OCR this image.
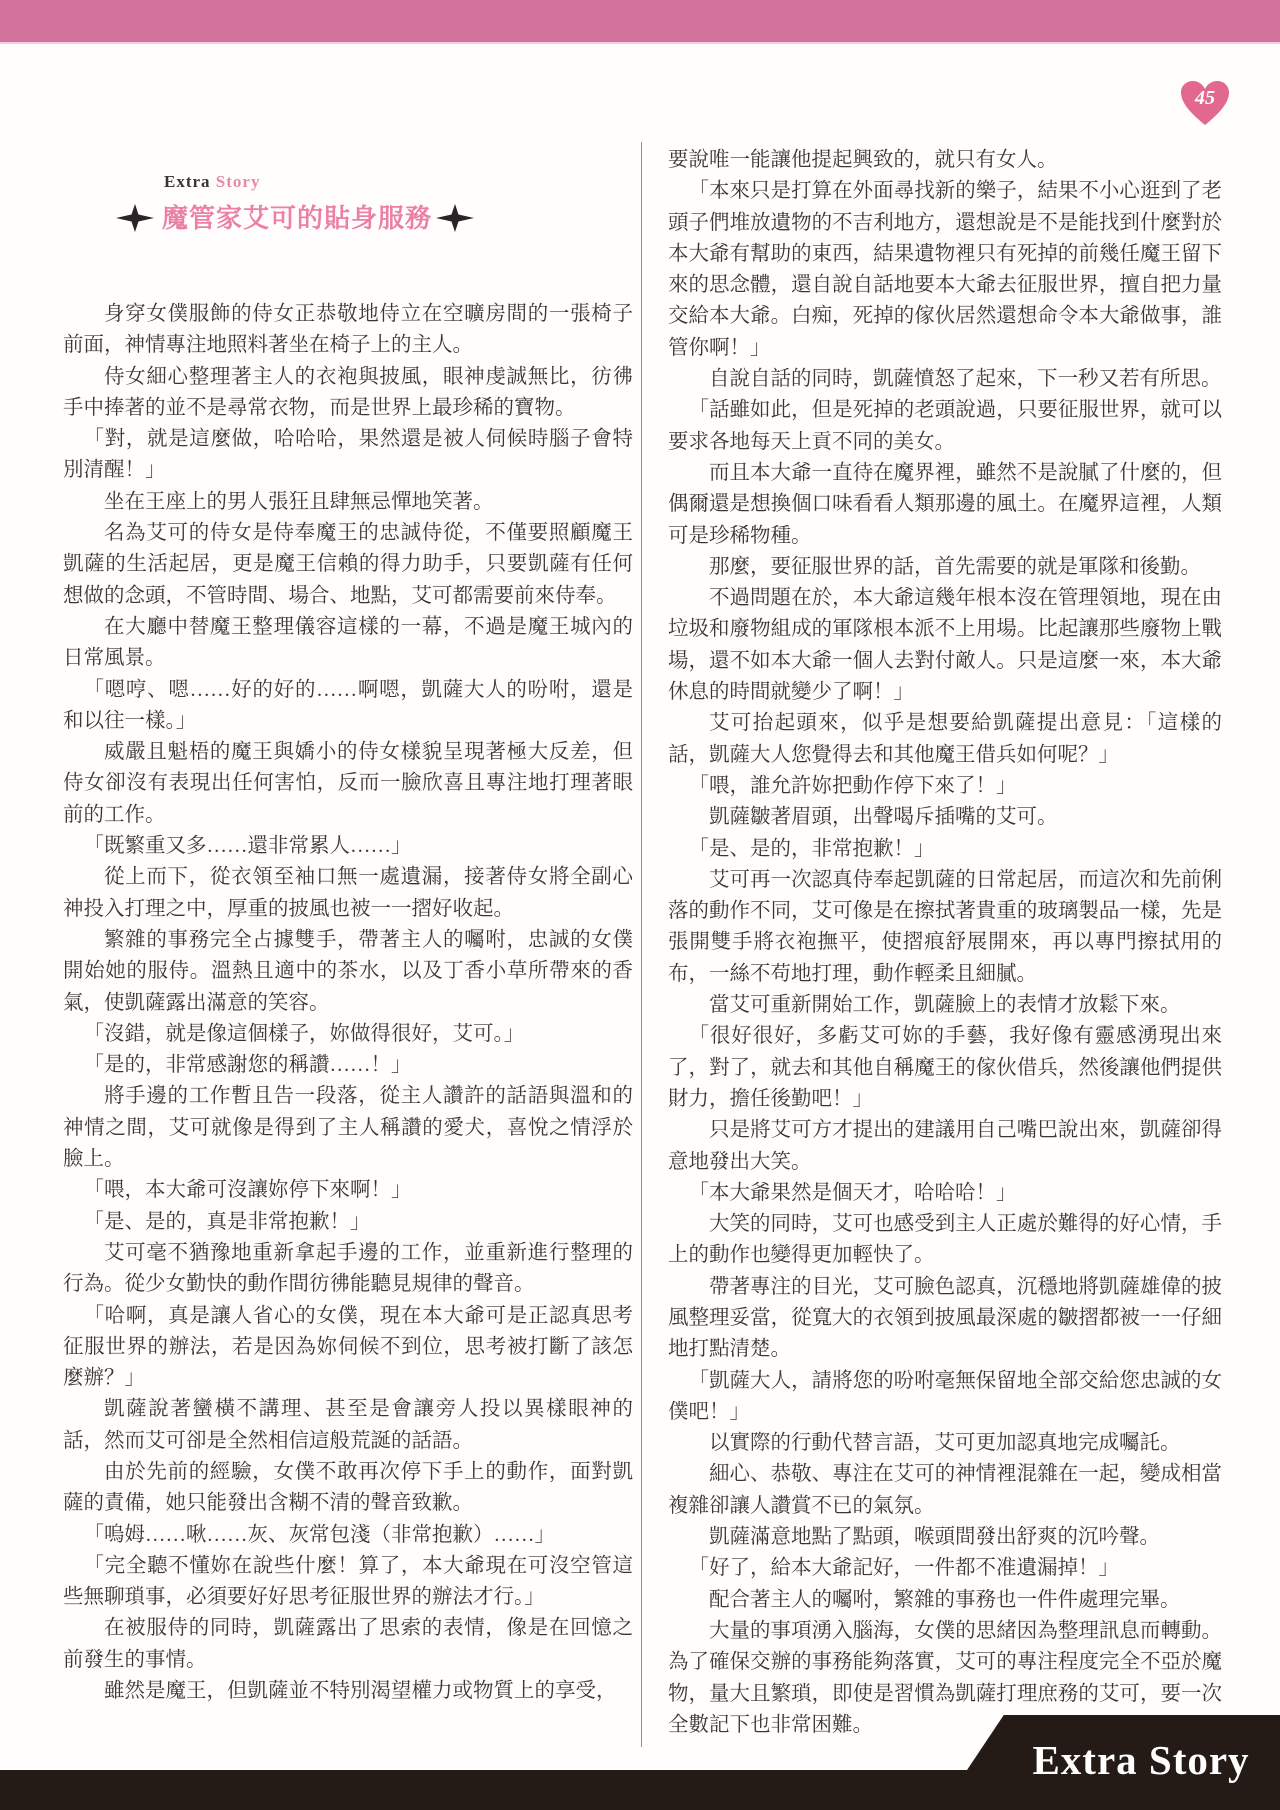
45
Extra Story
魔管家艾可的貼身服務

身穿女僕服飾的侍女正恭敬地侍立在空曠房間的一張椅子前面，神情專注地照料著坐在椅子上的主人。

侍女細心整理著主人的衣袍與披風，眼神虔誠無比，彷彿手中捧著的並不是尋常衣物，而是世界上最珍稀的寶物。

「對，就是這麼做，哈哈哈，果然還是被人伺候時腦子會特別清醒！」

坐在王座上的男人張狂且肆無忌憚地笑著。

名為艾可的侍女是侍奉魔王的忠誠侍從，不僅要照顧魔王凱薩的生活起居，更是魔王信賴的得力助手，只要凱薩有任何想做的念頭，不管時間、場合、地點，艾可都需要前來侍奉。

在大廳中替魔王整理儀容這樣的一幕，不過是魔王城內的日常風景。

「嗯哼、嗯……好的好的……啊嗯，凱薩大人的吩咐，還是和以往一樣。」

威嚴且魁梧的魔王與嬌小的侍女樣貌呈現著極大反差，但侍女卻沒有表現出任何害怕，反而一臉欣喜且專注地打理著眼前的工作。

「既繁重又多……還非常累人……」

從上而下，從衣領至袖口無一處遺漏，接著侍女將全副心神投入打理之中，厚重的披風也被一一摺好收起。

繁雜的事務完全占據雙手，帶著主人的囑咐，忠誠的女僕開始她的服侍。溫熱且適中的茶水，以及丁香小草所帶來的香氣，使凱薩露出滿意的笑容。

「沒錯，就是像這個樣子，妳做得很好，艾可。」

「是的，非常感謝您的稱讚……！」

將手邊的工作暫且告一段落，從主人讚許的話語與溫和的神情之間，艾可就像是得到了主人稱讚的愛犬，喜悅之情浮於臉上。

「喂，本大爺可沒讓妳停下來啊！」

「是、是的，真是非常抱歉！」

艾可毫不猶豫地重新拿起手邊的工作，並重新進行整理的行為。從少女勤快的動作間彷彿能聽見規律的聲音。

「哈啊，真是讓人省心的女僕，現在本大爺可是正認真思考征服世界的辦法，若是因為妳伺候不到位，思考被打斷了該怎麼辦？」

凱薩說著蠻橫不講理、甚至是會讓旁人投以異樣眼神的話，然而艾可卻是全然相信這般荒誕的話語。

由於先前的經驗，女僕不敢再次停下手上的動作，面對凱薩的責備，她只能發出含糊不清的聲音致歉。

「嗚姆……啾……灰、灰常包淺（非常抱歉）……」

「完全聽不懂妳在說些什麼！算了，本大爺現在可沒空管這些無聊瑣事，必須要好好思考征服世界的辦法才行。」

在被服侍的同時，凱薩露出了思索的表情，像是在回憶之前發生的事情。

雖然是魔王，但凱薩並不特別渴望權力或物質上的享受，

要說唯一能讓他提起興致的，就只有女人。

「本來只是打算在外面尋找新的樂子，結果不小心逛到了老頭子們堆放遺物的不吉利地方，還想說是不是能找到什麼對於本大爺有幫助的東西，結果遺物裡只有死掉的前幾任魔王留下來的思念體，還自說自話地要本大爺去征服世界，擅自把力量交給本大爺。白痴，死掉的傢伙居然還想命令本大爺做事，誰管你啊！」

自說自話的同時，凱薩憤怒了起來，下一秒又若有所思。

「話雖如此，但是死掉的老頭說過，只要征服世界，就可以要求各地每天上貢不同的美女。

而且本大爺一直待在魔界裡，雖然不是說膩了什麼的，但偶爾還是想換個口味看看人類那邊的風土。在魔界這裡，人類可是珍稀物種。

那麼，要征服世界的話，首先需要的就是軍隊和後勤。

不過問題在於，本大爺這幾年根本沒在管理領地，現在由垃圾和廢物組成的軍隊根本派不上用場。比起讓那些廢物上戰場，還不如本大爺一個人去對付敵人。只是這麼一來，本大爺休息的時間就變少了啊！」

艾可抬起頭來，似乎是想要給凱薩提出意見：「這樣的話，凱薩大人您覺得去和其他魔王借兵如何呢？」

「喂，誰允許妳把動作停下來了！」

凱薩皺著眉頭，出聲喝斥插嘴的艾可。

「是、是的，非常抱歉！」

艾可再一次認真侍奉起凱薩的日常起居，而這次和先前俐落的動作不同，艾可像是在擦拭著貴重的玻璃製品一樣，先是張開雙手將衣袍撫平，使摺痕舒展開來，再以專門擦拭用的布，一絲不苟地打理，動作輕柔且細膩。

當艾可重新開始工作，凱薩臉上的表情才放鬆下來。

「很好很好，多虧艾可妳的手藝，我好像有靈感湧現出來了，對了，就去和其他自稱魔王的傢伙借兵，然後讓他們提供財力，擔任後勤吧！」

只是將艾可方才提出的建議用自己嘴巴說出來，凱薩卻得意地發出大笑。

「本大爺果然是個天才，哈哈哈！」

大笑的同時，艾可也感受到主人正處於難得的好心情，手上的動作也變得更加輕快了。

帶著專注的目光，艾可臉色認真，沉穩地將凱薩雄偉的披風整理妥當，從寬大的衣領到披風最深處的皺摺都被一一仔細地打點清楚。

「凱薩大人，請將您的吩咐毫無保留地全部交給您忠誠的女僕吧！」

以實際的行動代替言語，艾可更加認真地完成囑託。

細心、恭敬、專注在艾可的神情裡混雜在一起，變成相當複雜卻讓人讚賞不已的氣氛。

凱薩滿意地點了點頭，喉頭間發出舒爽的沉吟聲。

「好了，給本大爺記好，一件都不准遺漏掉！」

配合著主人的囑咐，繁雜的事務也一件件處理完畢。

大量的事項湧入腦海，女僕的思緒因為整理訊息而轉動。為了確保交辦的事務能夠落實，艾可的專注程度完全不亞於魔物，量大且繁瑣，即使是習慣為凱薩打理庶務的艾可，要一次全數記下也非常困難。

Extra Story
